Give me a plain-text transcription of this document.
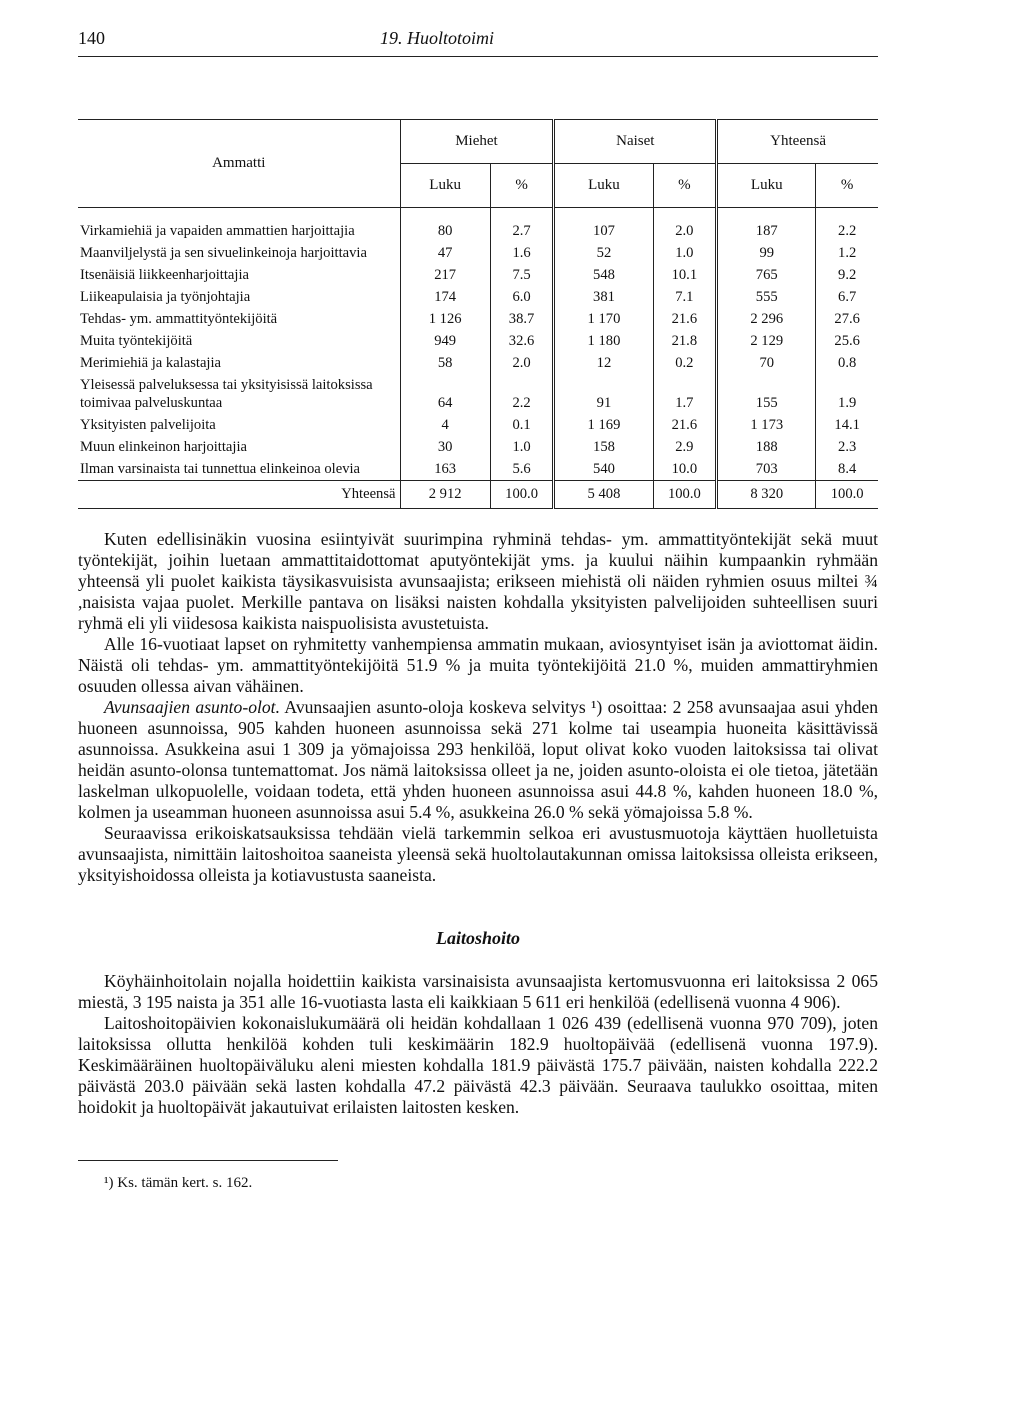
140	19. Huoltotoimi
Ammatti	Miehet		Naiset		Yhteensä	
	Luku	%	Luku	%	Luku	%
Virkamiehiä ja vapaiden ammattien harjoittajia	80	2.7	107	2.0	187	2.2
Maanviljelystä ja sen sivuelinkeinoja harjoittavia	47	1.6	52	1.0	99	1.2
Itsenäisiä liikkeenharjoittajia	217	7.5	548	10.1	765	9.2
Liikeapulaisia ja työnjohtajia	174	6.0	381	7.1	555	6.7
Tehdas- ym. ammattityöntekijöitä	1 126	38.7	1 170	21.6	2 296	27.6
Muita työntekijöitä	949	32.6	1 180	21.8	2 129	25.6
Merimiehiä ja kalastajia	58	2.0	12	0.2	70	0.8
Yleisessä palveluksessa tai yksityisissä laitoksissa toimivaa palveluskuntaa	64	2.2	91	1.7	155	1.9
Yksityisten palvelijoita	4	0.1	1 169	21.6	1 173	14.1
Muun elinkeinon harjoittajia	30	1.0	158	2.9	188	2.3
Ilman varsinaista tai tunnettua elinkeinoa olevia	163	5.6	540	10.0	703	8.4
Yhteensä	2 912	100.0	5 408	100.0	8 320	100.0

Kuten edellisinäkin vuosina esiintyivät suurimpina ryhminä tehdas- ym. ammattityöntekijät sekä muut työntekijät, joihin luetaan ammattitaidottomat aputyöntekijät yms. ja kuului näihin kumpaankin ryhmään yhteensä yli puolet kaikista täysikasvuisista avunsaajista; erikseen miehistä oli näiden ryhmien osuus miltei ¾ ,naisista vajaa puolet. Merkille pantava on lisäksi naisten kohdalla yksityisten palvelijoiden suhteellisen suuri ryhmä eli yli viidesosa kaikista naispuolisista avustetuista.

Alle 16-vuotiaat lapset on ryhmitetty vanhempiensa ammatin mukaan, aviosyntyiset isän ja aviottomat äidin. Näistä oli tehdas- ym. ammattityöntekijöitä 51.9 % ja muita työntekijöitä 21.0 %, muiden ammattiryhmien osuuden ollessa aivan vähäinen.

Avunsaajien asunto-olot. Avunsaajien asunto-oloja koskeva selvitys ¹) osoittaa: 2 258 avunsaajaa asui yhden huoneen asunnoissa, 905 kahden huoneen asunnoissa sekä 271 kolme tai useampia huoneita käsittävissä asunnoissa. Asukkeina asui 1 309 ja yömajoissa 293 henkilöä, loput olivat koko vuoden laitoksissa tai olivat heidän asunto-olonsa tuntemattomat. Jos nämä laitoksissa olleet ja ne, joiden asunto-oloista ei ole tietoa, jätetään laskelman ulkopuolelle, voidaan todeta, että yhden huoneen asunnoissa asui 44.8 %, kahden huoneen 18.0 %, kolmen ja useamman huoneen asunnoissa asui 5.4 %, asukkeina 26.0 % sekä yömajoissa 5.8 %.

Seuraavissa erikoiskatsauksissa tehdään vielä tarkemmin selkoa eri avustusmuotoja käyttäen huolletuista avunsaajista, nimittäin laitoshoitoa saaneista yleensä sekä huoltolautakunnan omissa laitoksissa olleista erikseen, yksityishoidossa olleista ja kotiavustusta saaneista.

Laitoshoito

Köyhäinhoitolain nojalla hoidettiin kaikista varsinaisista avunsaajista kertomusvuonna eri laitoksissa 2 065 miestä, 3 195 naista ja 351 alle 16-vuotiasta lasta eli kaikkiaan 5 611 eri henkilöä (edellisenä vuonna 4 906).

Laitoshoitopäivien kokonaislukumäärä oli heidän kohdallaan 1 026 439 (edellisenä vuonna 970 709), joten laitoksissa ollutta henkilöä kohden tuli keskimäärin 182.9 huoltopäivää (edellisenä vuonna 197.9). Keskimääräinen huoltopäiväluku aleni miesten kohdalla 181.9 päivästä 175.7 päivään, naisten kohdalla 222.2 päivästä 203.0 päivään sekä lasten kohdalla 47.2 päivästä 42.3 päivään. Seuraava taulukko osoittaa, miten hoidokit ja huoltopäivät jakautuivat erilaisten laitosten kesken.

¹) Ks. tämän kert. s. 162.
